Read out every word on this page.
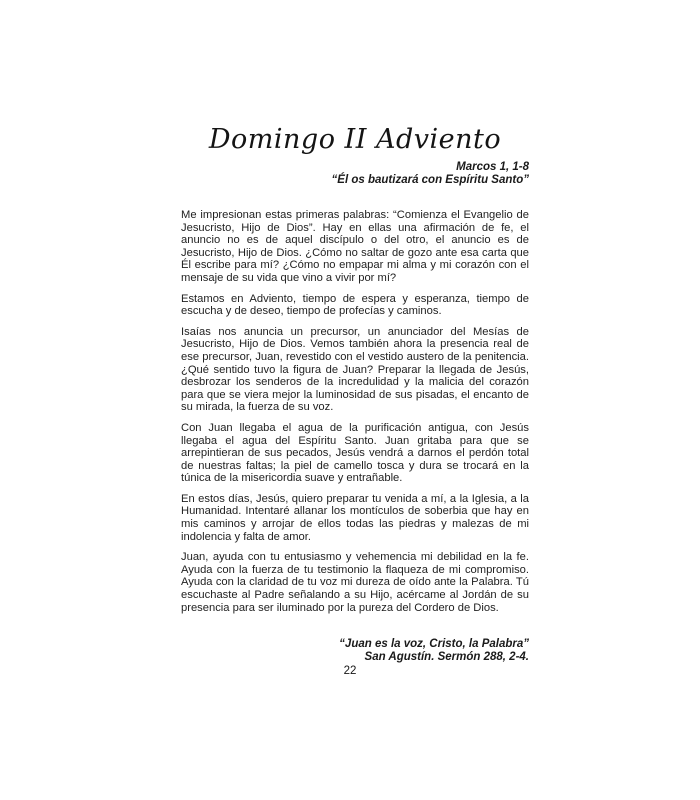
Domingo II Adviento
Marcos 1, 1-8
“Él os bautizará con Espíritu Santo”

Me impresionan estas primeras palabras: “Comienza el Evangelio de Jesucristo, Hijo de Dios”. Hay en ellas una afirmación de fe, el anuncio no es de aquel discípulo o del otro, el anuncio es de Jesucristo, Hijo de Dios. ¿Cómo no saltar de gozo ante esa carta que Él escribe para mí? ¿Cómo no empapar mi alma y mi corazón con el mensaje de su vida que vino a vivir por mí?

Estamos en Adviento, tiempo de espera y esperanza, tiempo de escucha y de deseo, tiempo de profecías y caminos.

Isaías nos anuncia un precursor, un anunciador del Mesías de Jesucristo, Hijo de Dios. Vemos también ahora la presencia real de ese precursor, Juan, revestido con el vestido austero de la penitencia. ¿Qué sentido tuvo la figura de Juan? Preparar la llegada de Jesús, desbrozar los senderos de la incredulidad y la malicia del corazón para que se viera mejor la luminosidad de sus pisadas, el encanto de su mirada, la fuerza de su voz.

Con Juan llegaba el agua de la purificación antigua, con Jesús llegaba el agua del Espíritu Santo. Juan gritaba para que se arrepintieran de sus pecados, Jesús vendrá a darnos el perdón total de nuestras faltas; la piel de camello tosca y dura se trocará en la túnica de la misericordia suave y entrañable.

En estos días, Jesús, quiero preparar tu venida a mí, a la Iglesia, a la Humanidad. Intentaré allanar los montículos de soberbia que hay en mis caminos y arrojar de ellos todas las piedras y malezas de mi indolencia y falta de amor.

Juan, ayuda con tu entusiasmo y vehemencia mi debilidad en la fe. Ayuda con la fuerza de tu testimonio la flaqueza de mi compromiso. Ayuda con la claridad de tu voz mi dureza de oído ante la Palabra. Tú escuchaste al Padre señalando a su Hijo, acércame al Jordán de su presencia para ser iluminado por la pureza del Cordero de Dios.

“Juan es la voz, Cristo, la Palabra”
San Agustín. Sermón 288, 2-4.
22
